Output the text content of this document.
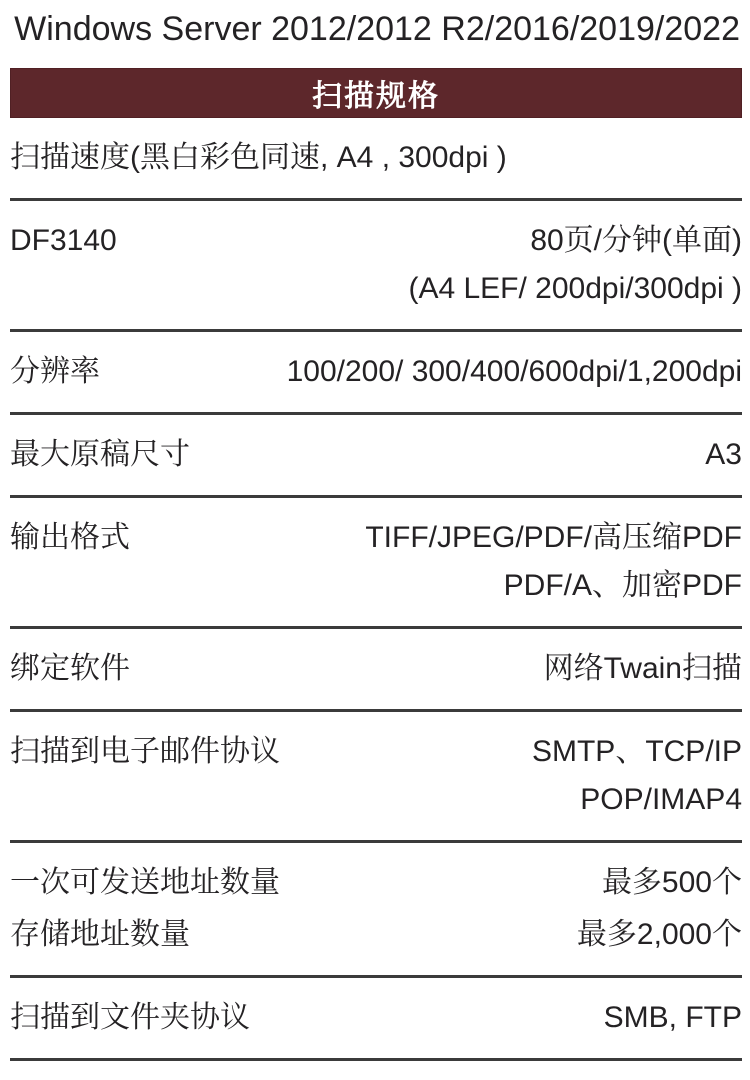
Windows Server 2012/2012 R2/2016/2019/2022
扫描规格
扫描速度(黑白彩色同速, A4 , 300dpi )
DF3140	80页/分钟(单面)
(A4 LEF/ 200dpi/300dpi )
分辨率	100/200/ 300/400/600dpi/1,200dpi
最大原稿尺寸	A3
输出格式	TIFF/JPEG/PDF/高压缩PDF
PDF/A、加密PDF
绑定软件	网络Twain扫描
扫描到电子邮件协议	SMTP、TCP/IP
POP/IMAP4
一次可发送地址数量	最多500个
存储地址数量	最多2,000个
扫描到文件夹协议	SMB, FTP
